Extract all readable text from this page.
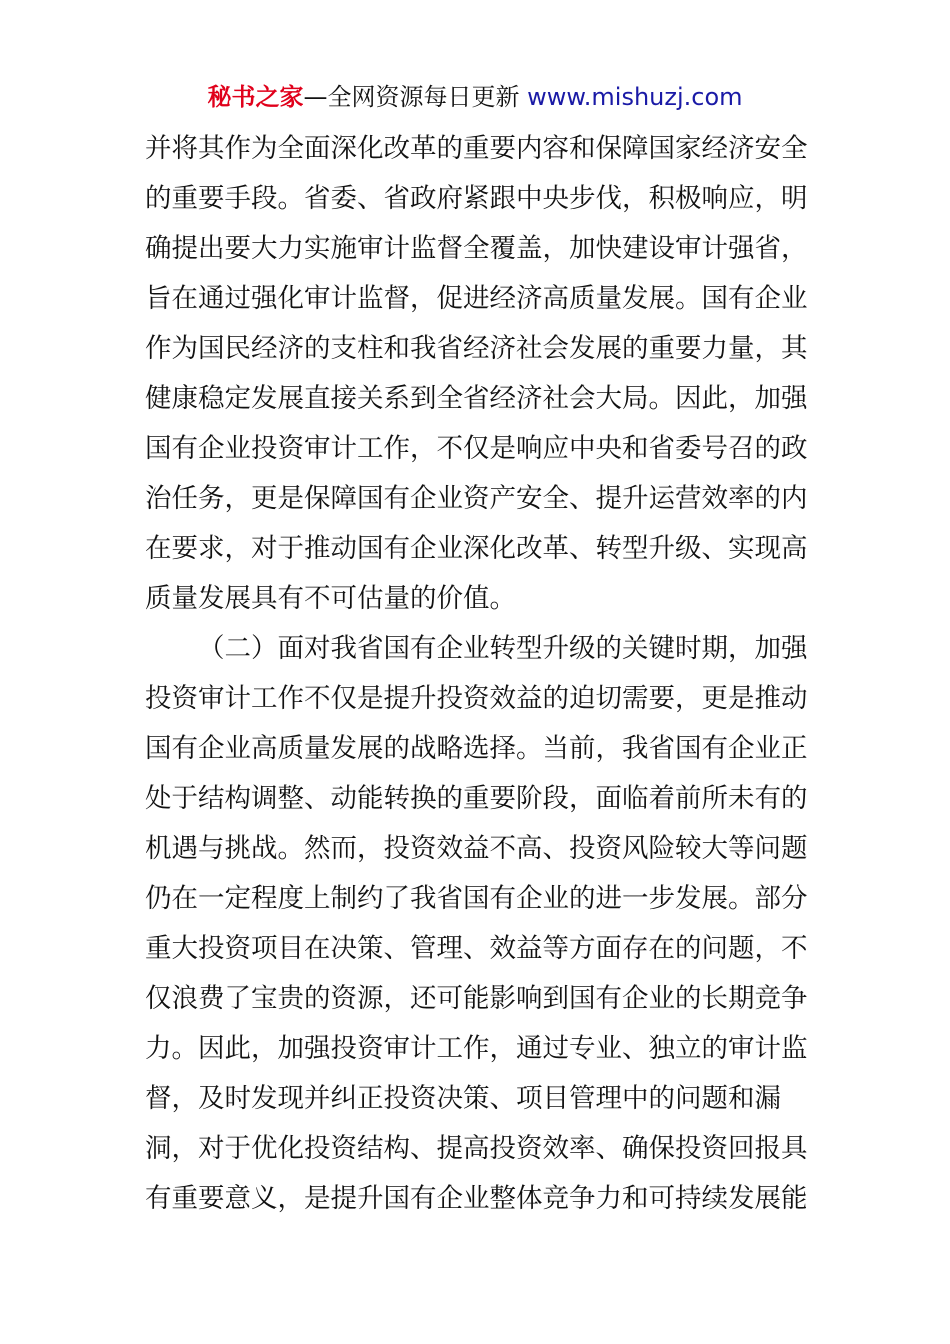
秘书之家—全网资源每日更新 www.mishuzj.com
并将其作为全面深化改革的重要内容和保障国家经济安全
的重要手段。省委、省政府紧跟中央步伐，积极响应，明
确提出要大力实施审计监督全覆盖，加快建设审计强省，
旨在通过强化审计监督，促进经济高质量发展。国有企业
作为国民经济的支柱和我省经济社会发展的重要力量，其
健康稳定发展直接关系到全省经济社会大局。因此，加强
国有企业投资审计工作，不仅是响应中央和省委号召的政
治任务，更是保障国有企业资产安全、提升运营效率的内
在要求，对于推动国有企业深化改革、转型升级、实现高
质量发展具有不可估量的价值。
（二）面对我省国有企业转型升级的关键时期，加强
投资审计工作不仅是提升投资效益的迫切需要，更是推动
国有企业高质量发展的战略选择。当前，我省国有企业正
处于结构调整、动能转换的重要阶段，面临着前所未有的
机遇与挑战。然而，投资效益不高、投资风险较大等问题
仍在一定程度上制约了我省国有企业的进一步发展。部分
重大投资项目在决策、管理、效益等方面存在的问题，不
仅浪费了宝贵的资源，还可能影响到国有企业的长期竞争
力。因此，加强投资审计工作，通过专业、独立的审计监
督，及时发现并纠正投资决策、项目管理中的问题和漏
洞，对于优化投资结构、提高投资效率、确保投资回报具
有重要意义，是提升国有企业整体竞争力和可持续发展能
